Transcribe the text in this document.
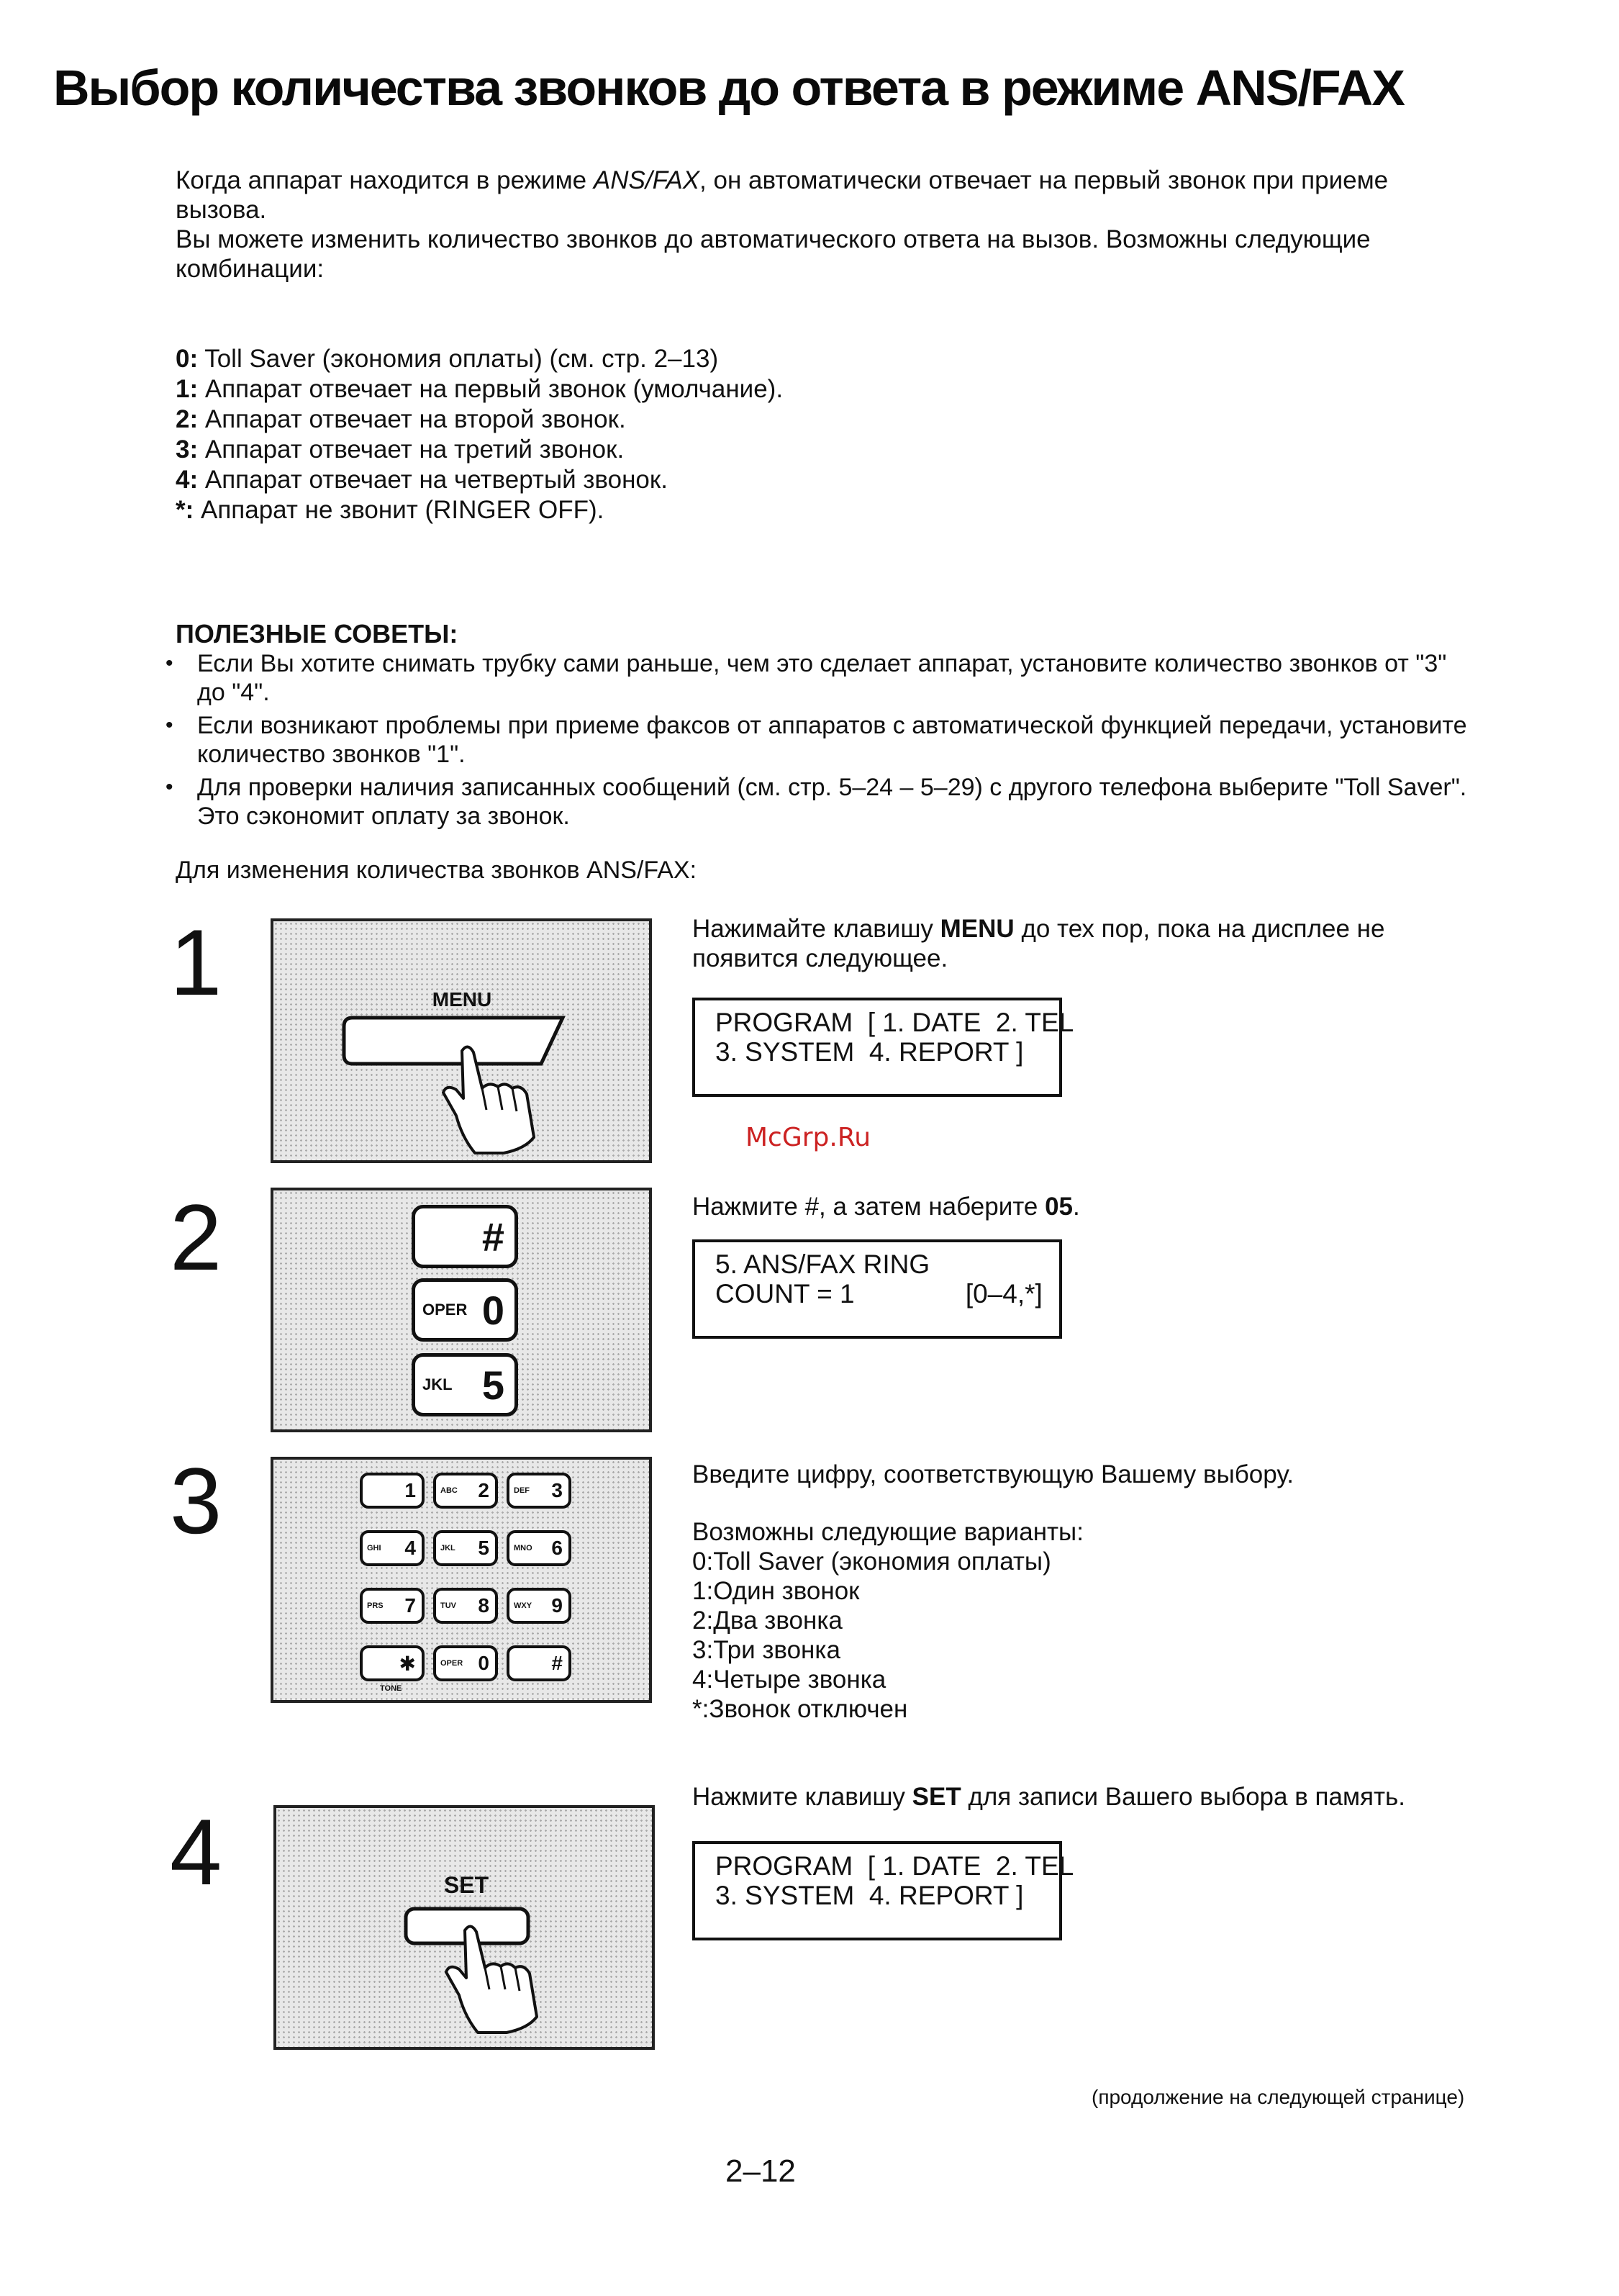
Выбор количества звонков до ответа в режиме ANS/FAX

Когда аппарат находится в режиме ANS/FAX, он автоматически отвечает на первый звонок при приеме вызова.

Вы можете изменить количество звонков до автоматического ответа на вызов. Возможны следующие комбинации:

0: Toll Saver (экономия оплаты) (см. стр. 2–13)
1: Аппарат отвечает на первый звонок (умолчание).
2: Аппарат отвечает на второй звонок.
3: Аппарат отвечает на третий звонок.
4: Аппарат отвечает на четвертый звонок.
*: Аппарат не звонит (RINGER OFF).
ПОЛЕЗНЫЕ СОВЕТЫ:
• Если Вы хотите снимать трубку сами раньше, чем это сделает аппарат, установите количество звонков от "3" до "4".
• Если возникают проблемы при приеме факсов от аппаратов с автоматической функцией передачи, установите количество звонков "1".
• Для проверки наличия записанных сообщений (см. стр. 5–24 – 5–29) с другого телефона выберите "Toll Saver". Это сэкономит оплату за звонок.
Для изменения количества звонков ANS/FAX:
1	MENU
Нажимайте клавишу MENU до тех пор, пока на дисплее не появится следующее.
PROGRAM  [ 1. DATE  2. TEL
3. SYSTEM  4. REPORT ]
McGrp.Ru
2	#
OPER 0
JKL 5
Нажмите #, а затем наберите 05.
5. ANS/FAX RING
COUNT = 1               [0–4,*]
3	1	ABC 2	DEF 3
GHI 4	JKL 5	MNO 6
PRS 7	TUV 8	WXY 9
✱	OPER 0	#
TONE
Введите цифру, соответствующую Вашему выбору.
Возможны следующие варианты:
0:Toll Saver (экономия оплаты)
1:Один звонок
2:Два звонка
3:Три звонка
4:Четыре звонка
*:Звонок отключен
4	SET
Нажмите клавишу SET для записи Вашего выбора в память.
PROGRAM  [ 1. DATE  2. TEL
3. SYSTEM  4. REPORT ]
(продолжение на следующей странице)
2–12
